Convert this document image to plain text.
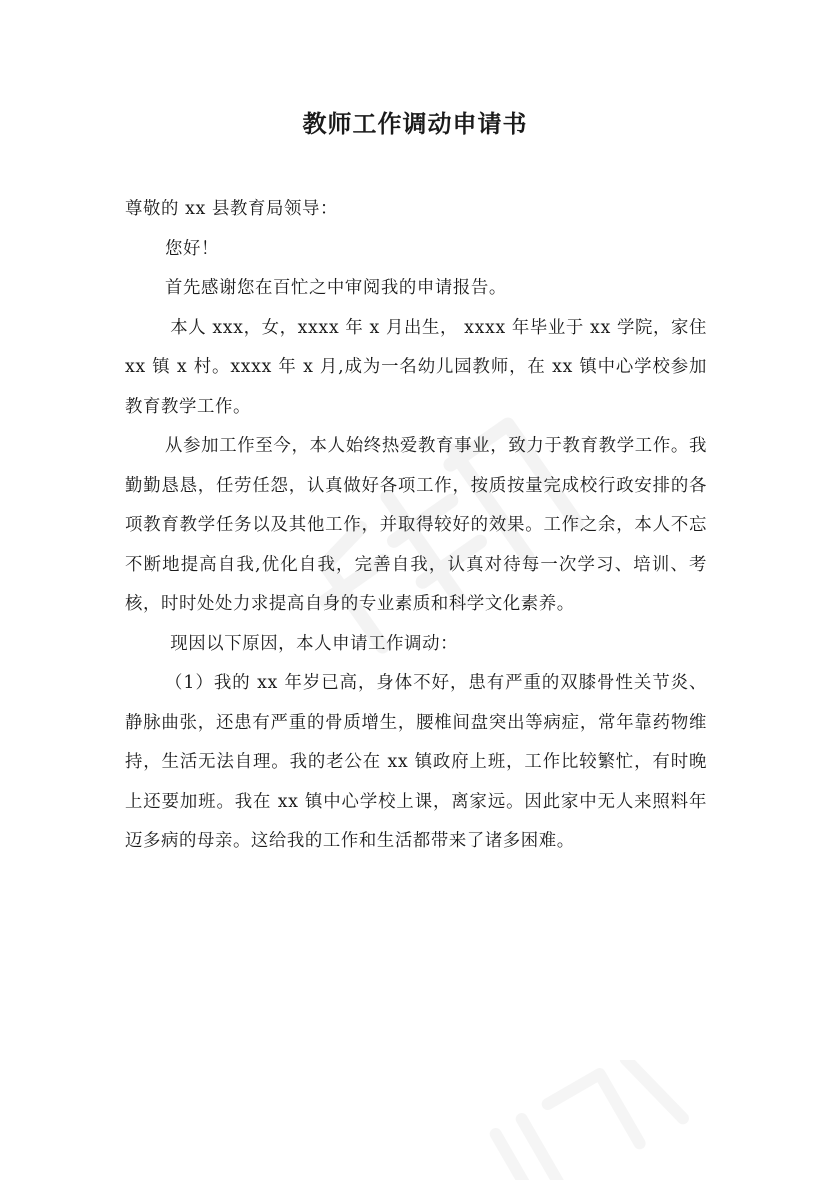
教师工作调动申请书

尊敬的 xx 县教育局领导：

您好！

首先感谢您在百忙之中审阅我的申请报告。

本人 xxx，女，xxxx 年 x 月出生， xxxx 年毕业于 xx 学院，家住 xx 镇 x 村。xxxx 年 x 月,成为一名幼儿园教师，在 xx 镇中心学校参加教育教学工作。

从参加工作至今，本人始终热爱教育事业，致力于教育教学工作。我勤勤恳恳，任劳任怨，认真做好各项工作，按质按量完成校行政安排的各项教育教学任务以及其他工作，并取得较好的效果。工作之余，本人不忘不断地提高自我,优化自我，完善自我，认真对待每一次学习、培训、考核，时时处处力求提高自身的专业素质和科学文化素养。

现因以下原因，本人申请工作调动：

（1）我的 xx 年岁已高，身体不好，患有严重的双膝骨性关节炎、静脉曲张，还患有严重的骨质增生，腰椎间盘突出等病症，常年靠药物维持，生活无法自理。我的老公在 xx 镇政府上班，工作比较繁忙，有时晚上还要加班。我在 xx 镇中心学校上课，离家远。因此家中无人来照料年迈多病的母亲。这给我的工作和生活都带来了诸多困难。
